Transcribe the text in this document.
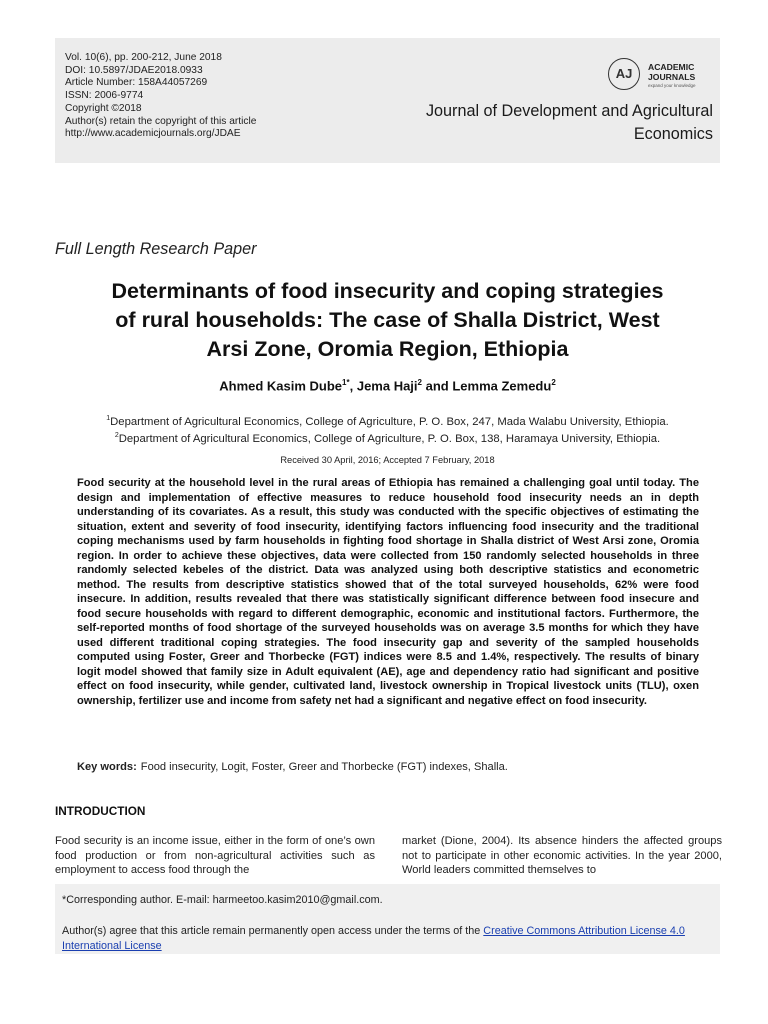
Vol. 10(6), pp. 200-212, June 2018
DOI: 10.5897/JDAE2018.0933
Article Number: 158A44057269
ISSN: 2006-9774
Copyright ©2018
Author(s) retain the copyright of this article
http://www.academicjournals.org/JDAE
AJ	ACADEMIC
JOURNALS
expand your knowledge
Journal of Development and Agricultural
Economics
Full Length Research Paper
Determinants of food insecurity and coping strategies
of rural households: The case of Shalla District, West
Arsi Zone, Oromia Region, Ethiopia
Ahmed Kasim Dube$^{1*}$, Jema Haji$^2$ and Lemma Zemedu$^2$
$^1$Department of Agricultural Economics, College of Agriculture, P. O. Box, 247, Mada Walabu University, Ethiopia.
$^2$Department of Agricultural Economics, College of Agriculture, P. O. Box, 138, Haramaya University, Ethiopia.
Received 30 April, 2016; Accepted 7 February, 2018
Food security at the household level in the rural areas of Ethiopia has remained a challenging goal until today. The design and implementation of effective measures to reduce household food insecurity needs an in depth understanding of its covariates. As a result, this study was conducted with the specific objectives of estimating the situation, extent and severity of food insecurity, identifying factors influencing food insecurity and the traditional coping mechanisms used by farm households in fighting food shortage in Shalla district of West Arsi zone, Oromia region. In order to achieve these objectives, data were collected from 150 randomly selected households in three randomly selected kebeles of the district. Data was analyzed using both descriptive statistics and econometric method. The results from descriptive statistics showed that of the total surveyed households, 62% were food insecure. In addition, results revealed that there was statistically significant difference between food insecure and food secure households with regard to different demographic, economic and institutional factors. Furthermore, the self-reported months of food shortage of the surveyed households was on average 3.5 months for which they have used different traditional coping strategies. The food insecurity gap and severity of the sampled households computed using Foster, Greer and Thorbecke (FGT) indices were 8.5 and 1.4%, respectively. The results of binary logit model showed that family size in Adult equivalent (AE), age and dependency ratio had significant and positive effect on food insecurity, while gender, cultivated land, livestock ownership in Tropical livestock units (TLU), oxen ownership, fertilizer use and income from safety net had a significant and negative effect on food insecurity.
Key words: Food insecurity, Logit, Foster, Greer and Thorbecke (FGT) indexes, Shalla.
INTRODUCTION
Food security is an income issue, either in the form of one’s own food production or from non-agricultural activities such as employment to access food through the
market (Dione, 2004). Its absence hinders the affected groups not to participate in other economic activities. In the year 2000, World leaders committed themselves to
*Corresponding author. E-mail: harmeetoo.kasim2010@gmail.com.
Author(s) agree that this article remain permanently open access under the terms of the Creative Commons Attribution License 4.0 International License
